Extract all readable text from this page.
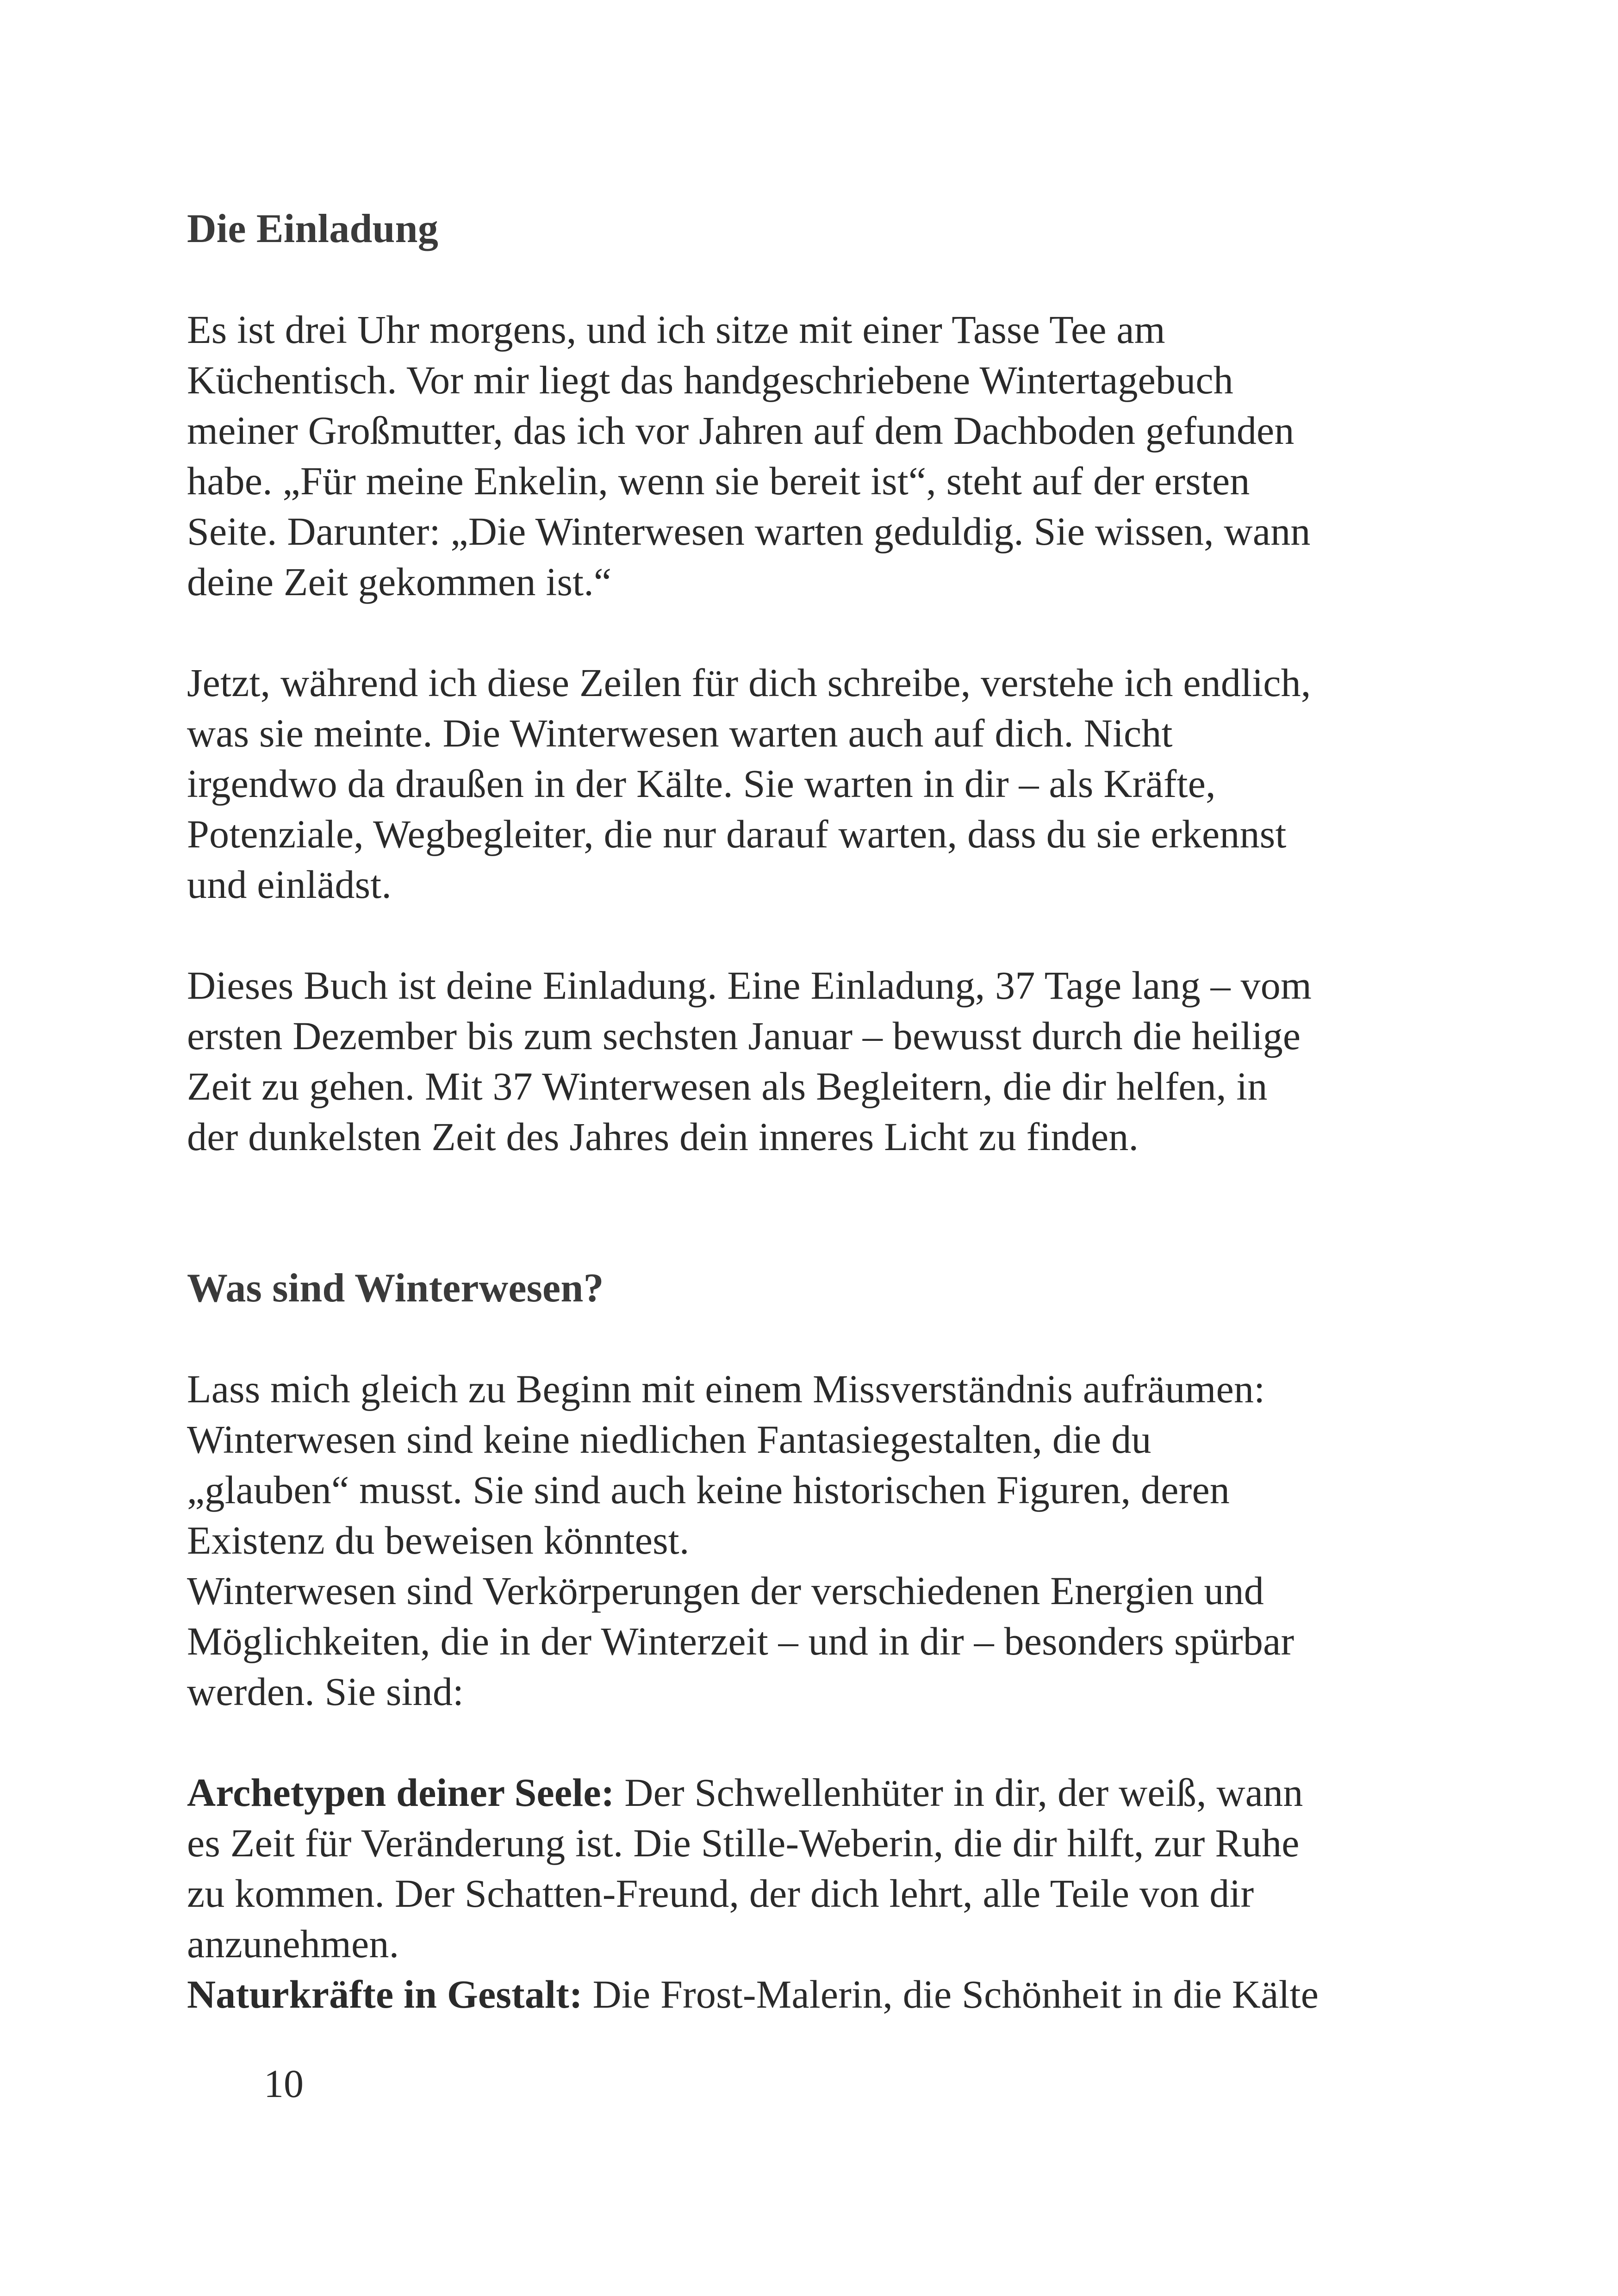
Die Einladung

Es ist drei Uhr morgens, und ich sitze mit einer Tasse Tee am
Küchentisch. Vor mir liegt das handgeschriebene Wintertagebuch
meiner Großmutter, das ich vor Jahren auf dem Dachboden gefunden
habe. „Für meine Enkelin, wenn sie bereit ist“, steht auf der ersten
Seite. Darunter: „Die Winterwesen warten geduldig. Sie wissen, wann
deine Zeit gekommen ist.“

Jetzt, während ich diese Zeilen für dich schreibe, verstehe ich endlich,
was sie meinte. Die Winterwesen warten auch auf dich. Nicht
irgendwo da draußen in der Kälte. Sie warten in dir – als Kräfte,
Potenziale, Wegbegleiter, die nur darauf warten, dass du sie erkennst
und einlädst.

Dieses Buch ist deine Einladung. Eine Einladung, 37 Tage lang – vom
ersten Dezember bis zum sechsten Januar – bewusst durch die heilige
Zeit zu gehen. Mit 37 Winterwesen als Begleitern, die dir helfen, in
der dunkelsten Zeit des Jahres dein inneres Licht zu finden.

Was sind Winterwesen?

Lass mich gleich zu Beginn mit einem Missverständnis aufräumen:
Winterwesen sind keine niedlichen Fantasiegestalten, die du
„glauben“ musst. Sie sind auch keine historischen Figuren, deren
Existenz du beweisen könntest.
Winterwesen sind Verkörperungen der verschiedenen Energien und
Möglichkeiten, die in der Winterzeit – und in dir – besonders spürbar
werden. Sie sind:

Archetypen deiner Seele: Der Schwellenhüter in dir, der weiß, wann
es Zeit für Veränderung ist. Die Stille-Weberin, die dir hilft, zur Ruhe
zu kommen. Der Schatten-Freund, der dich lehrt, alle Teile von dir
anzunehmen.

Naturkräfte in Gestalt: Die Frost-Malerin, die Schönheit in die Kälte

10
